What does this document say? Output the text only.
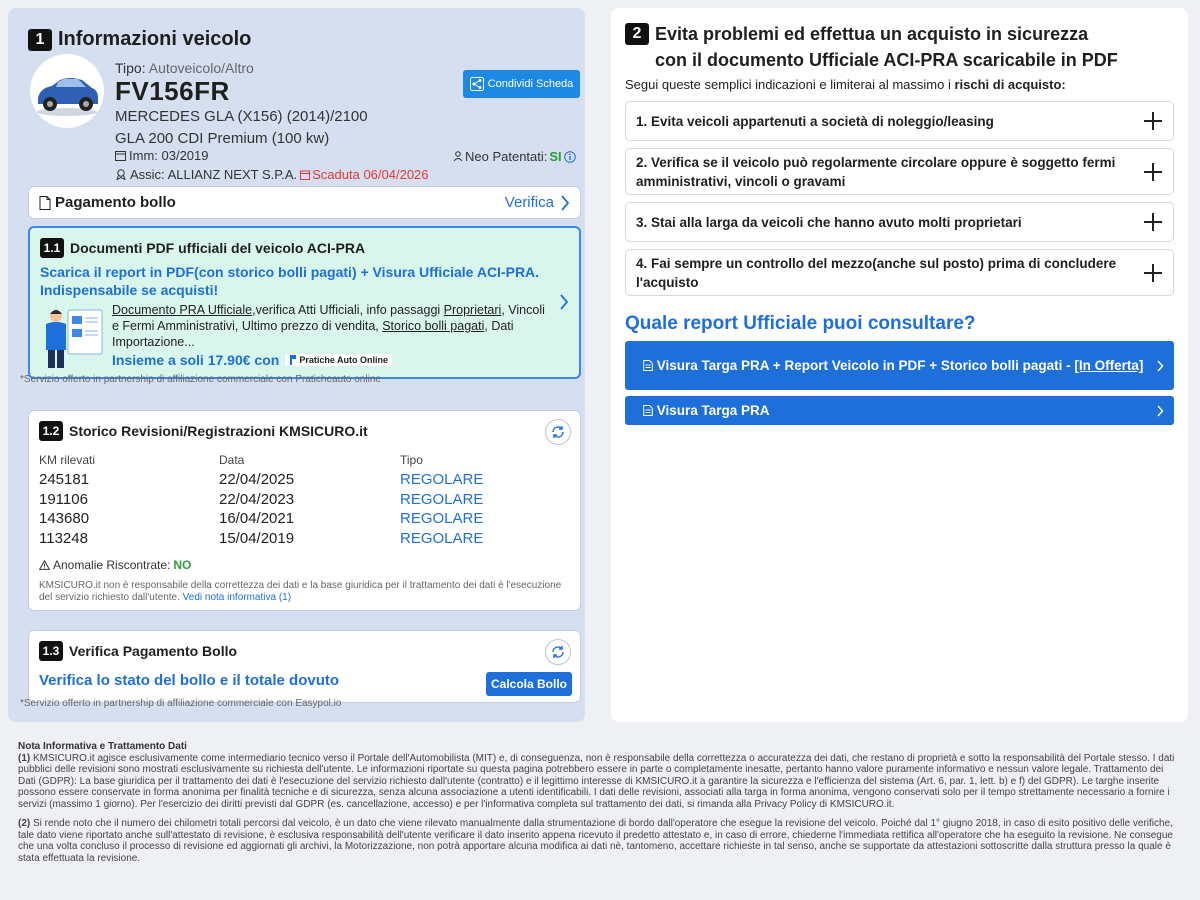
1 Informazioni veicolo
Tipo: Autoveicolo/Altro
FV156FR
MERCEDES GLA (X156) (2014)/2100
GLA 200 CDI Premium (100 kw)
Condividi Scheda
Imm: 03/2019	Neo Patentati: SI
Assic: ALLIANZ NEXT S.P.A. Scaduta 06/04/2026
Pagamento bollo	Verifica
1.1 Documenti PDF ufficiali del veicolo ACI-PRA
Scarica il report in PDF(con storico bolli pagati) + Visura Ufficiale ACI-PRA. Indispensabile se acquisti!
Documento PRA Ufficiale,verifica Atti Ufficiali, info passaggi Proprietari, Vincoli e Fermi Amministrativi, Ultimo prezzo di vendita, Storico bolli pagati, Dati Importazione...
Insieme a soli 17.90€ con Pratiche Auto Online
*Servizio offerto in partnership di affiliazione commerciale con Praticheauto online
1.2 Storico Revisioni/Registrazioni KMSICURO.it
KM rilevati	Data	Tipo
245181	22/04/2025	REGOLARE
191106	22/04/2023	REGOLARE
143680	16/04/2021	REGOLARE
113248	15/04/2019	REGOLARE
Anomalie Riscontrate: NO
KMSICURO.it non è responsabile della correttezza dei dati e la base giuridica per il trattamento dei dati è l'esecuzione del servizio richiesto dall'utente. Vedi nota informativa (1)
1.3 Verifica Pagamento Bollo
Verifica lo stato del bollo e il totale dovuto	Calcola Bollo
*Servizio offerto in partnership di affiliazione commerciale con Easypol.io
2 Evita problemi ed effettua un acquisto in sicurezza
con il documento Ufficiale ACI-PRA scaricabile in PDF
Segui queste semplici indicazioni e limiterai al massimo i rischi di acquisto:
1. Evita veicoli appartenuti a società di noleggio/leasing
2. Verifica se il veicolo può regolarmente circolare oppure è soggetto fermi amministrativi, vincoli o gravami
3. Stai alla larga da veicoli che hanno avuto molti proprietari
4. Fai sempre un controllo del mezzo(anche sul posto) prima di concludere l'acquisto
Quale report Ufficiale puoi consultare?
Visura Targa PRA + Report Veicolo in PDF + Storico bolli pagati - [In Offerta]
Visura Targa PRA

Nota Informativa e Trattamento Dati

(1) KMSICURO.it agisce esclusivamente come intermediario tecnico verso il Portale dell'Automobilista (MIT) e, di conseguenza, non è responsabile della correttezza o accuratezza dei dati, che restano di proprietà e sotto la responsabilità del Portale stesso. I dati pubblici delle revisioni sono mostrati esclusivamente su richiesta dell'utente. Le informazioni riportate su questa pagina potrebbero essere in parte o completamente inesatte, pertanto hanno valore puramente informativo e nessun valore legale. Trattamento dei Dati (GDPR): La base giuridica per il trattamento dei dati è l'esecuzione del servizio richiesto dall'utente (contratto) e il legittimo interesse di KMSICURO.it a garantire la sicurezza e l'efficienza del sistema (Art. 6, par. 1, lett. b) e f) del GDPR). Le targhe inserite possono essere conservate in forma anonima per finalità tecniche e di sicurezza, senza alcuna associazione a utenti identificabili. I dati delle revisioni, associati alla targa in forma anonima, vengono conservati solo per il tempo strettamente necessario a fornire i servizi (massimo 1 giorno). Per l'esercizio dei diritti previsti dal GDPR (es. cancellazione, accesso) e per l'informativa completa sul trattamento dei dati, si rimanda alla Privacy Policy di KMSICURO.it.

(2) Si rende noto che il numero dei chilometri totali percorsi dal veicolo, è un dato che viene rilevato manualmente dalla strumentazione di bordo dall'operatore che esegue la revisione del veicolo. Poiché dal 1° giugno 2018, in caso di esito positivo delle verifiche, tale dato viene riportato anche sull'attestato di revisione, è esclusiva responsabilità dell'utente verificare il dato inserito appena ricevuto il predetto attestato e, in caso di errore, chiederne l'immediata rettifica all'operatore che ha eseguito la revisione. Ne consegue che una volta concluso il processo di revisione ed aggiornati gli archivi, la Motorizzazione, non potrà apportare alcuna modifica ai dati nè, tantomeno, accettare richieste in tal senso, anche se supportate da attestazioni sottoscritte dalla struttura presso la quale è stata effettuata la revisione.
